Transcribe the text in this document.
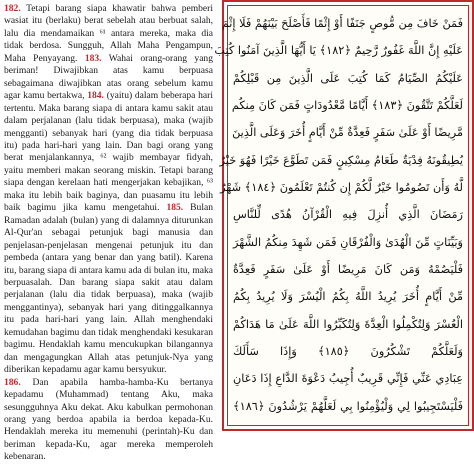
182. Tetapi barang siapa khawatir bahwa pemberi wasiat itu (berlaku) berat sebelah atau berbuat salah, lalu dia mendamaikan ⁶¹ antara mereka, maka dia tidak berdosa. Sungguh, Allah Maha Pengampun, Maha Penyayang. 183. Wahai orang-orang yang beriman! Diwajibkan atas kamu berpuasa sebagaimana diwajibkan atas orang sebelum kamu agar kamu bertakwa, 184. (yaitu) dalam beberapa hari tertentu. Maka barang siapa di antara kamu sakit atau dalam perjalanan (lalu tidak berpuasa), maka (wajib mengganti) sebanyak hari (yang dia tidak berpuasa itu) pada hari-hari yang lain. Dan bagi orang yang berat menjalankannya, ⁶² wajib membayar fidyah, yaitu memberi makan seorang miskin. Tetapi barang siapa dengan kerelaan hati mengerjakan kebajikan, ⁶³ maka itu lebih baik baginya, dan puasamu itu lebih baik bagimu jika kamu mengetahui. 185. Bulan Ramadan adalah (bulan) yang di dalamnya diturunkan Al-Qur'an sebagai petunjuk bagi manusia dan penjelasan-penjelasan mengenai petunjuk itu dan pembeda (antara yang benar dan yang batil). Karena itu, barang siapa di antara kamu ada di bulan itu, maka berpuasalah. Dan barang siapa sakit atau dalam perjalanan (lalu dia tidak berpuasa), maka (wajib menggantinya), sebanyak hari yang ditinggalkannya itu pada hari-hari yang lain. Allah menghendaki kemudahan bagimu dan tidak menghendaki kesukaran bagimu. Hendaklah kamu mencukupkan bilangannya dan mengagungkan Allah atas petunjuk-Nya yang diberikan kepadamu agar kamu bersyukur.
186. Dan apabila hamba-hamba-Ku bertanya kepadamu (Muhammad) tentang Aku, maka sesungguhnya Aku dekat. Aku kabulkan permohonan orang yang berdoa apabila ia berdoa kepada-Ku. Hendaklah mereka itu memenuhi (perintah)-Ku dan beriman kepada-Ku, agar mereka memperoleh kebenaran.

فَمَنْ خَافَ مِن مُّوصٍ جَنَفًا أَوْ إِثْمًا فَأَصْلَحَ بَيْنَهُمْ فَلَا إِثْمَ
عَلَيْهِ إِنَّ اللَّهَ غَفُورٌ رَّحِيمٌ ﴿١٨٢﴾ يَا أَيُّهَا الَّذِينَ آمَنُوا كُتِبَ
عَلَيْكُمُ الصِّيَامُ كَمَا كُتِبَ عَلَى الَّذِينَ مِن قَبْلِكُمْ
لَعَلَّكُمْ تَتَّقُونَ ﴿١٨٣﴾ أَيَّامًا مَّعْدُودَاتٍ فَمَن كَانَ مِنكُم
مَّرِيضًا أَوْ عَلَىٰ سَفَرٍ فَعِدَّةٌ مِّنْ أَيَّامٍ أُخَرَ وَعَلَى الَّذِينَ
يُطِيقُونَهُ فِدْيَةٌ طَعَامُ مِسْكِينٍ فَمَن تَطَوَّعَ خَيْرًا فَهُوَ خَيْرٌ
لَّهُ وَأَن تَصُومُوا خَيْرٌ لَّكُمْ إِن كُنتُمْ تَعْلَمُونَ ﴿١٨٤﴾ شَهْرُ
رَمَضَانَ الَّذِي أُنزِلَ فِيهِ الْقُرْآنُ هُدًى لِّلنَّاسِ
وَبَيِّنَاتٍ مِّنَ الْهُدَىٰ وَالْفُرْقَانِ فَمَن شَهِدَ مِنكُمُ الشَّهْرَ
فَلْيَصُمْهُ وَمَن كَانَ مَرِيضًا أَوْ عَلَىٰ سَفَرٍ فَعِدَّةٌ
مِّنْ أَيَّامٍ أُخَرَ يُرِيدُ اللَّهُ بِكُمُ الْيُسْرَ وَلَا يُرِيدُ بِكُمُ
الْعُسْرَ وَلِتُكْمِلُوا الْعِدَّةَ وَلِتُكَبِّرُوا اللَّهَ عَلَىٰ مَا هَدَاكُمْ
وَلَعَلَّكُمْ تَشْكُرُونَ ﴿١٨٥﴾ وَإِذَا سَأَلَكَ
عِبَادِي عَنِّي فَإِنِّي قَرِيبٌ أُجِيبُ دَعْوَةَ الدَّاعِ إِذَا دَعَانِ
فَلْيَسْتَجِيبُوا لِي وَلْيُؤْمِنُوا بِي لَعَلَّهُمْ يَرْشُدُونَ ﴿١٨٦﴾
